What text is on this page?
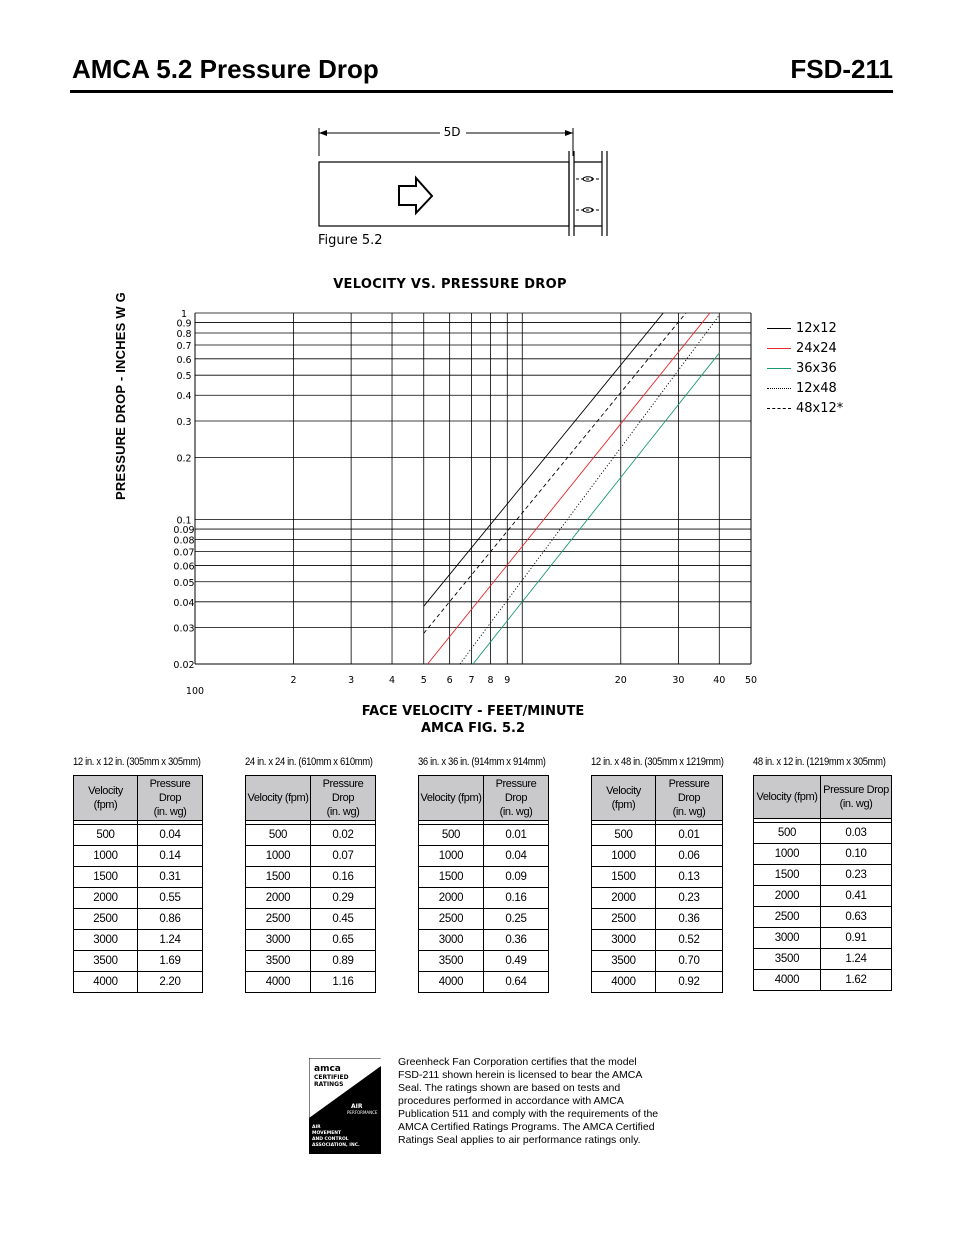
AMCA 5.2 Pressure Drop	FSD-211
5D
Figure 5.2
VELOCITY VS. PRESSURE DROP
1
0.9
0.8
0.7
0.6
0.5
0.4
0.3
0.2
0.1
0.09
0.08
0.07
0.06
0.05
0.04
0.03
0.02
2	3	4	5 6 7 8 9	20	30	40 50
100
PRESSURE DROP - INCHES W G
FACE VELOCITY - FEET/MINUTE
AMCA FIG. 5.2
12x12
24x24
36x36
12x48
48x12*
12 in. x 12 in. (305mm x 305mm)
Velocity (fpm)	Pressure Drop
(in. wg)

500	0.04
1000	0.14
1500	0.31
2000	0.55
2500	0.86
3000	1.24
3500	1.69
4000	2.20
24 in. x 24 in. (610mm x 610mm)
Velocity (fpm)	Pressure Drop
(in. wg)

500	0.02
1000	0.07
1500	0.16
2000	0.29
2500	0.45
3000	0.65
3500	0.89
4000	1.16
36 in. x 36 in. (914mm x 914mm)
Velocity (fpm)	Pressure Drop
(in. wg)

500	0.01
1000	0.04
1500	0.09
2000	0.16
2500	0.25
3000	0.36
3500	0.49
4000	0.64
12 in. x 48 in. (305mm x 1219mm)
Velocity (fpm)	Pressure Drop
(in. wg)

500	0.01
1000	0.06
1500	0.13
2000	0.23
2500	0.36
3000	0.52
3500	0.70
4000	0.92
48 in. x 12 in. (1219mm x 305mm)
Velocity (fpm)	Pressure Drop
(in. wg)

500	0.03
1000	0.10
1500	0.23
2000	0.41
2500	0.63
3000	0.91
3500	1.24
4000	1.62
amca
CERTIFIED
RATINGS
AIR
PERFORMANCE
AIR
MOVEMENT
AND CONTROL
ASSOCIATION, INC.
Greenheck Fan Corporation certifies that the model FSD-211 shown herein is licensed to bear the AMCA Seal. The ratings shown are based on tests and procedures performed in accordance with AMCA Publication 511 and comply with the requirements of the AMCA Certified Ratings Programs. The AMCA Certified Ratings Seal applies to air performance ratings only.
